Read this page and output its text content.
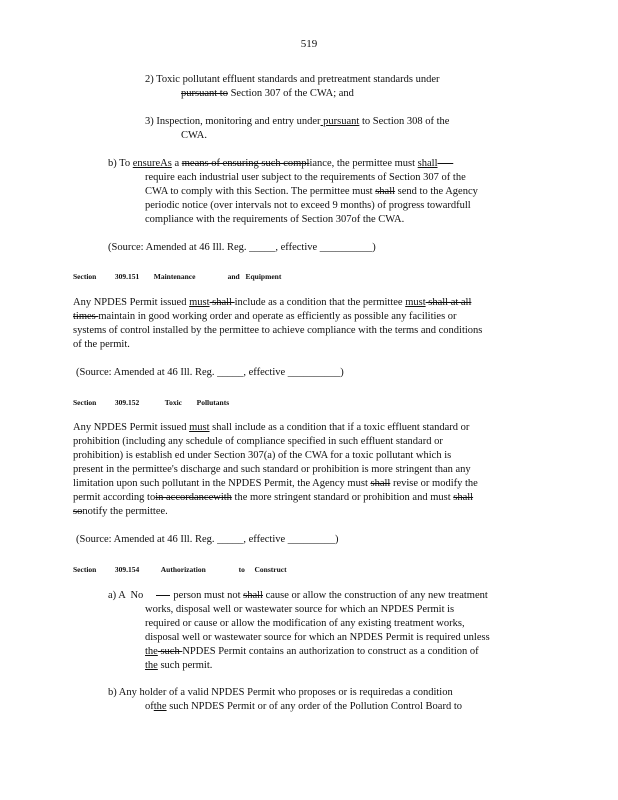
519
2) Toxic pollutant effluent standards and pretreatment standards under
pursuant to Section 307 of the CWA; and
3) Inspection, monitoring and entry under pursuant to Section 308 of the
CWA.
b) To ensureAs a means of ensuring such compliance, the permittee must shall
require each industrial user subject to the requirements of Section 307 of the
CWA to comply with this Section. The permittee must shall send to the Agency
periodic notice (over intervals not to exceed 9 months) of progress towardfull
compliance with the requirements of Section 307of the CWA.
(Source: Amended at 46 Ill. Reg. _____, effective __________)
Section 309.151 Maintenance	and Equipment
Any NPDES Permit issued must shall include as a condition that the permittee must shall at all
times maintain in good working order and operate as efficiently as possible any facilities or
systems of control installed by the permittee to achieve compliance with the terms and conditions
of the permit.
(Source: Amended at 46 Ill. Reg. _____, effective __________)
Section 309.152	Toxic Pollutants
Any NPDES Permit issued must shall include as a condition that if a toxic effluent standard or
prohibition (including any schedule of compliance specified in such effluent standard or
prohibition) is establish ed under Section 307(a) of the CWA for a toxic pollutant which is
present in the permittee's discharge and such standard or prohibition is more stringent than any
limitation upon such pollutant in the NPDES Permit, the Agency must shall revise or modify the
permit according toin accordancewith the more stringent standard or prohibition and must shall
sonotify the permittee.
(Source: Amended at 46 Ill. Reg. _____, effective _________)
Section 309.154	Authorization	to Construct
a) A  No     person must not shall cause or allow the construction of any new treatment
works, disposal well or wastewater source for which an NPDES Permit is
required or cause or allow the modification of any existing treatment works,
disposal well or wastewater source for which an NPDES Permit is required unless
the such NPDES Permit contains an authorization to construct as a condition of
the such permit.
b) Any holder of a valid NPDES Permit who proposes or is requiredas a condition
ofthe such NPDES Permit or of any order of the Pollution Control Board to
